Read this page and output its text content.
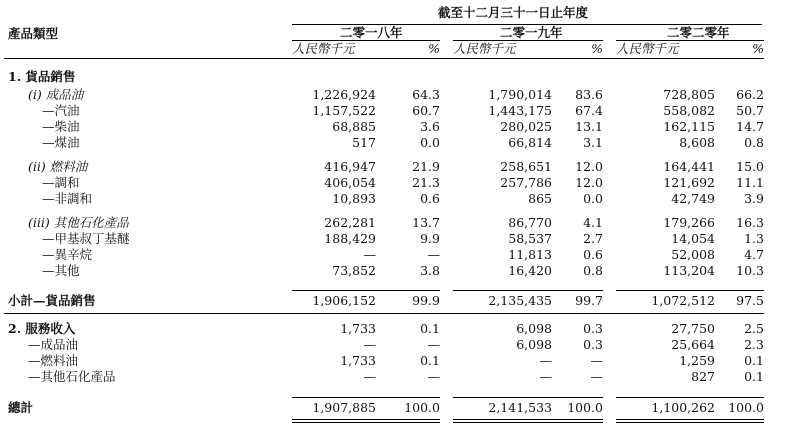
截至十二月三十一日止年度
產品類型	二零一八年	二零一九年	二零二零年
人民幣千元	% 人民幣千元	% 人民幣千元	%
1. 貨品銷售
(i) 成品油	1,226,924	64.3	1,790,014	83.6	728,805	66.2
—汽油	1,157,522	60.7	1,443,175	67.4	558,082	50.7
—柴油	68,885	3.6	280,025	13.1	162,115	14.7
—煤油	517	0.0	66,814	3.1	8,608	0.8
(ii) 燃料油	416,947	21.9	258,651	12.0	164,441	15.0
—調和	406,054	21.3	257,786	12.0	121,692	11.1
—非調和	10,893	0.6	865	0.0	42,749	3.9
(iii) 其他石化產品	262,281	13.7	86,770	4.1	179,266	16.3
—甲基叔丁基醚	188,429	9.9	58,537	2.7	14,054	1.3
—異辛烷	—	—	11,813	0.6	52,008	4.7
—其他	73,852	3.8	16,420	0.8	113,204	10.3
小計—貨品銷售	1,906,152	99.9	2,135,435	99.7	1,072,512	97.5
2. 服務收入	1,733	0.1	6,098	0.3	27,750	2.5
—成品油	—	—	6,098	0.3	25,664	2.3
—燃料油	1,733	0.1	—	—	1,259	0.1
—其他石化產品	—	—	—	—	827	0.1
總計	1,907,885	100.0	2,141,533	100.0	1,100,262	100.0
